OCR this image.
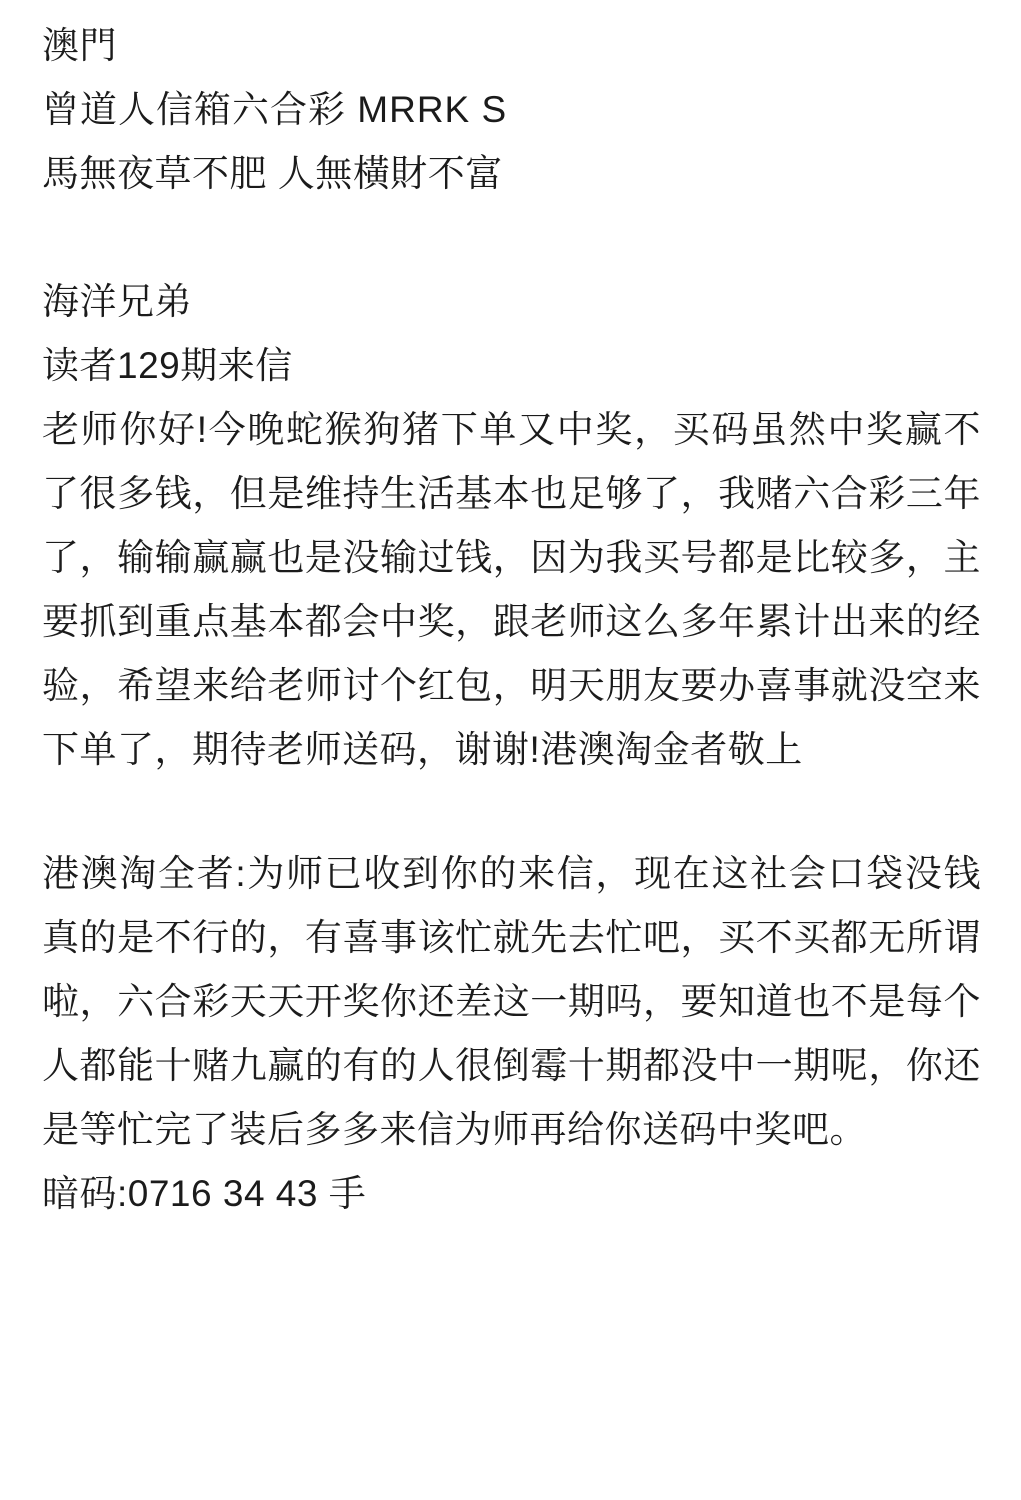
澳門
曾道人信箱六合彩 MRRK S
馬無夜草不肥 人無橫財不富
海洋兄弟
读者129期来信

老师你好!今晚蛇猴狗猪下单又中奖，买码虽然中奖赢不了很多钱，但是维持生活基本也足够了，我赌六合彩三年了，输输赢赢也是没输过钱，因为我买号都是比较多，主要抓到重点基本都会中奖，跟老师这么多年累计出来的经验，希望来给老师讨个红包，明天朋友要办喜事就没空来下单了，期待老师送码，谢谢!港澳淘金者敬上

港澳淘全者:为师已收到你的来信，现在这社会口袋没钱真的是不行的，有喜事该忙就先去忙吧，买不买都无所谓啦，六合彩天天开奖你还差这一期吗，要知道也不是每个人都能十赌九赢的有的人很倒霉十期都没中一期呢，你还是等忙完了装后多多来信为师再给你送码中奖吧。

暗码:0716 34 43 手
